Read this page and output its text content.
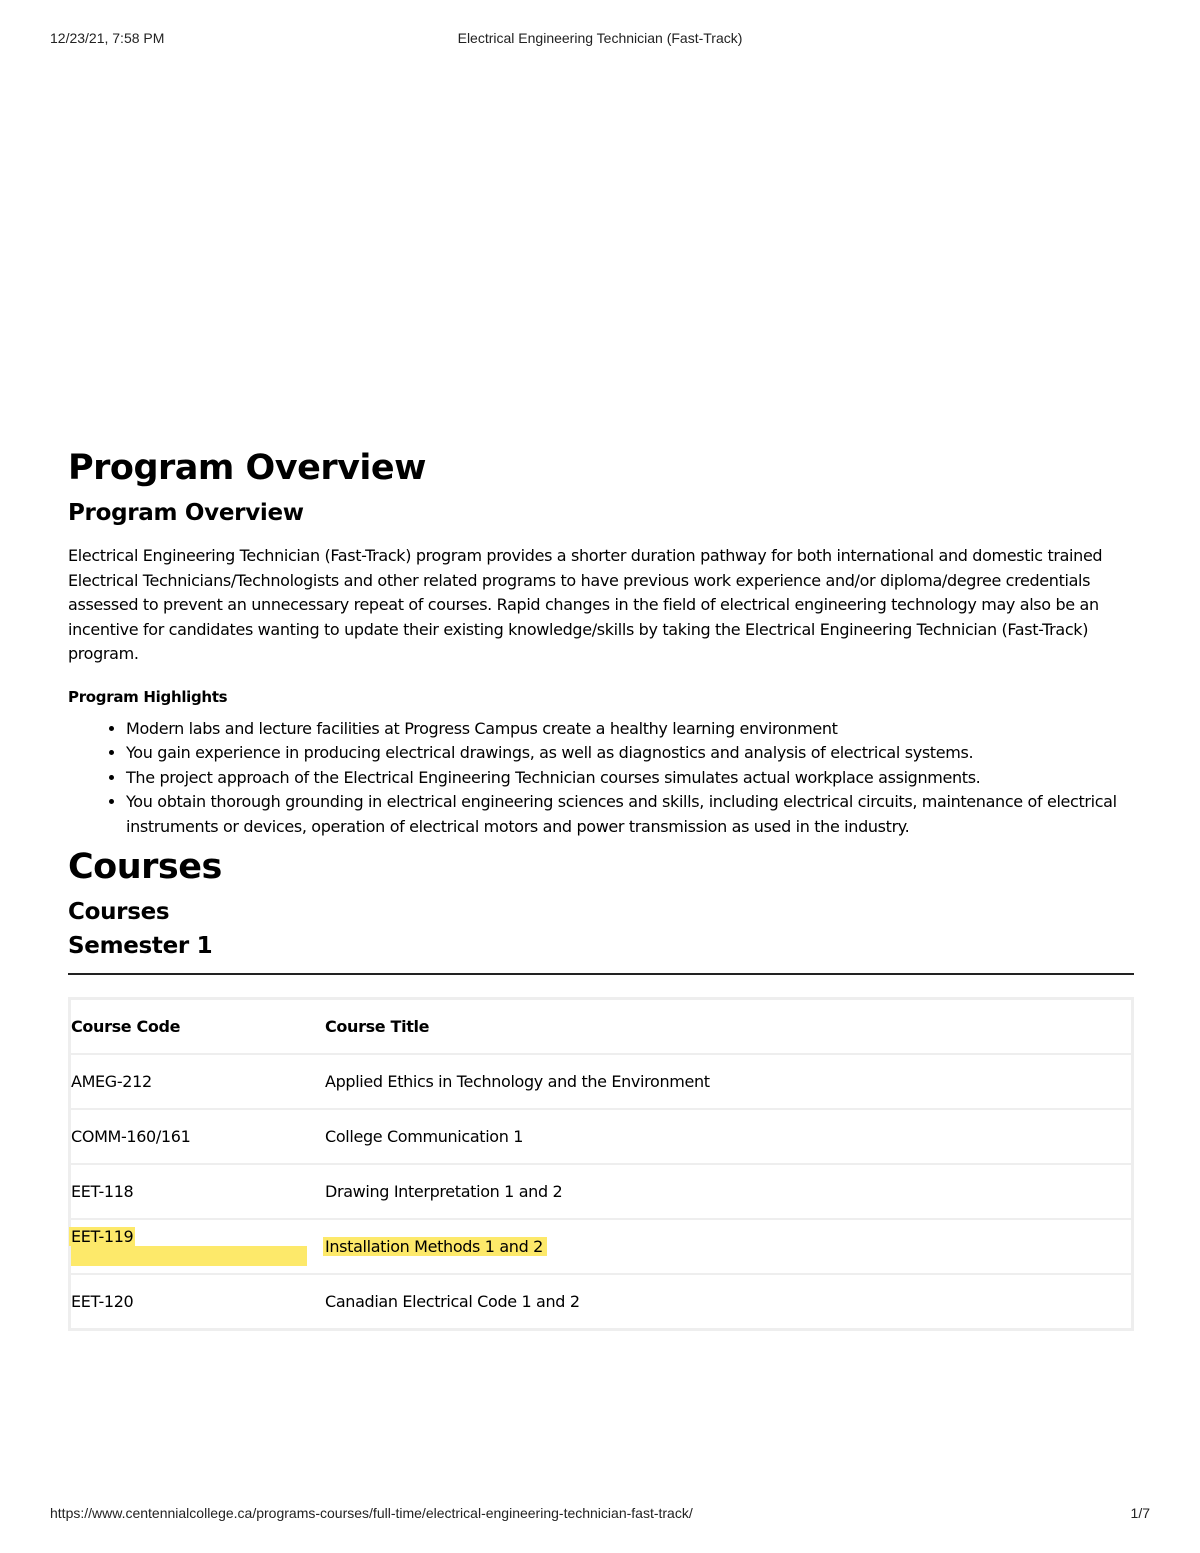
12/23/21, 7:58 PM	Electrical Engineering Technician (Fast-Track)
Program Overview
Program Overview

Electrical Engineering Technician (Fast-Track) program provides a shorter duration pathway for both international and domestic trained Electrical Technicians/Technologists and other related programs to have previous work experience and/or diploma/degree credentials assessed to prevent an unnecessary repeat of courses. Rapid changes in the field of electrical engineering technology may also be an incentive for candidates wanting to update their existing knowledge/skills by taking the Electrical Engineering Technician (Fast-Track) program.

Program Highlights
• Modern labs and lecture facilities at Progress Campus create a healthy learning environment
• You gain experience in producing electrical drawings, as well as diagnostics and analysis of electrical systems.
• The project approach of the Electrical Engineering Technician courses simulates actual workplace assignments.
• You obtain thorough grounding in electrical engineering sciences and skills, including electrical circuits, maintenance of electrical instruments or devices, operation of electrical motors and power transmission as used in the industry.
Courses
Courses
Semester 1
Course Code	Course Title
AMEG-212	Applied Ethics in Technology and the Environment
COMM-160/161	College Communication 1
EET-118	Drawing Interpretation 1 and 2
EET-119	Installation Methods 1 and 2
EET-120	Canadian Electrical Code 1 and 2
https://www.centennialcollege.ca/programs-courses/full-time/electrical-engineering-technician-fast-track/	1/7
